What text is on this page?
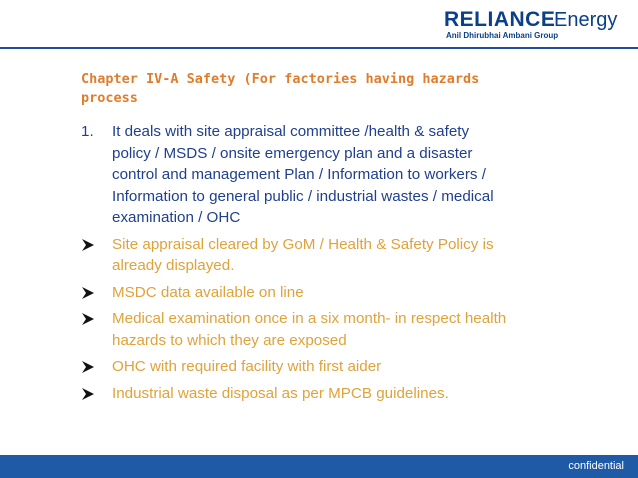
RELIANCE
Energy
Anil Dhirubhai Ambani Group
Chapter IV-A Safety (For factories having hazards process
1.	It deals with site appraisal committee /health & safety policy / MSDS / onsite emergency plan and a disaster control and management Plan / Information to workers / Information to general public / industrial wastes / medical examination / OHC
Site appraisal cleared by GoM / Health & Safety Policy is already displayed.
MSDC data available on line
Medical examination once in a six month- in respect health hazards to which they are exposed
OHC with required facility with first aider
Industrial waste disposal as per MPCB guidelines.
confidential
